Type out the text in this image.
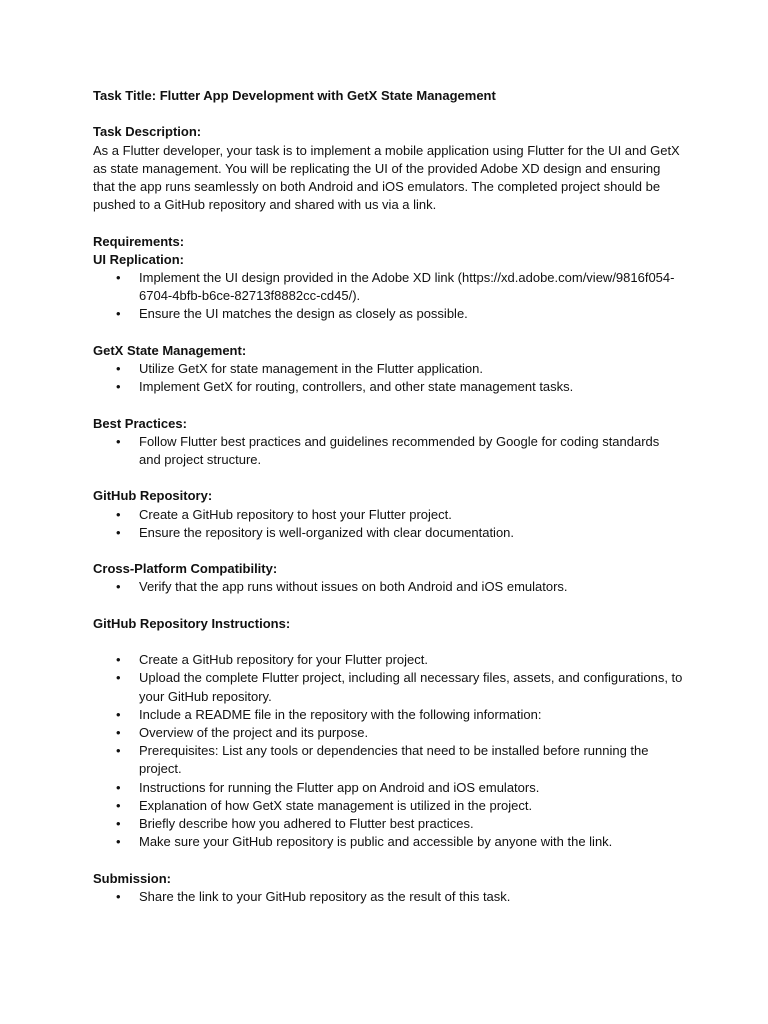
Task Title: Flutter App Development with GetX State Management

Task Description:

As a Flutter developer, your task is to implement a mobile application using Flutter for the UI and GetX as state management. You will be replicating the UI of the provided Adobe XD design and ensuring that the app runs seamlessly on both Android and iOS emulators. The completed project should be pushed to a GitHub repository and shared with us via a link.

Requirements:

UI Replication:

• Implement the UI design provided in the Adobe XD link (https://xd.adobe.com/view/9816f054-6704-4bfb-b6ce-82713f8882cc-cd45/).
• Ensure the UI matches the design as closely as possible.

GetX State Management:

• Utilize GetX for state management in the Flutter application.
• Implement GetX for routing, controllers, and other state management tasks.

Best Practices:

• Follow Flutter best practices and guidelines recommended by Google for coding standards and project structure.

GitHub Repository:

• Create a GitHub repository to host your Flutter project.
• Ensure the repository is well-organized with clear documentation.

Cross-Platform Compatibility:

• Verify that the app runs without issues on both Android and iOS emulators.

GitHub Repository Instructions:

• Create a GitHub repository for your Flutter project.
• Upload the complete Flutter project, including all necessary files, assets, and configurations, to your GitHub repository.
• Include a README file in the repository with the following information:
• Overview of the project and its purpose.
• Prerequisites: List any tools or dependencies that need to be installed before running the project.
• Instructions for running the Flutter app on Android and iOS emulators.
• Explanation of how GetX state management is utilized in the project.
• Briefly describe how you adhered to Flutter best practices.
• Make sure your GitHub repository is public and accessible by anyone with the link.

Submission:

• Share the link to your GitHub repository as the result of this task.
